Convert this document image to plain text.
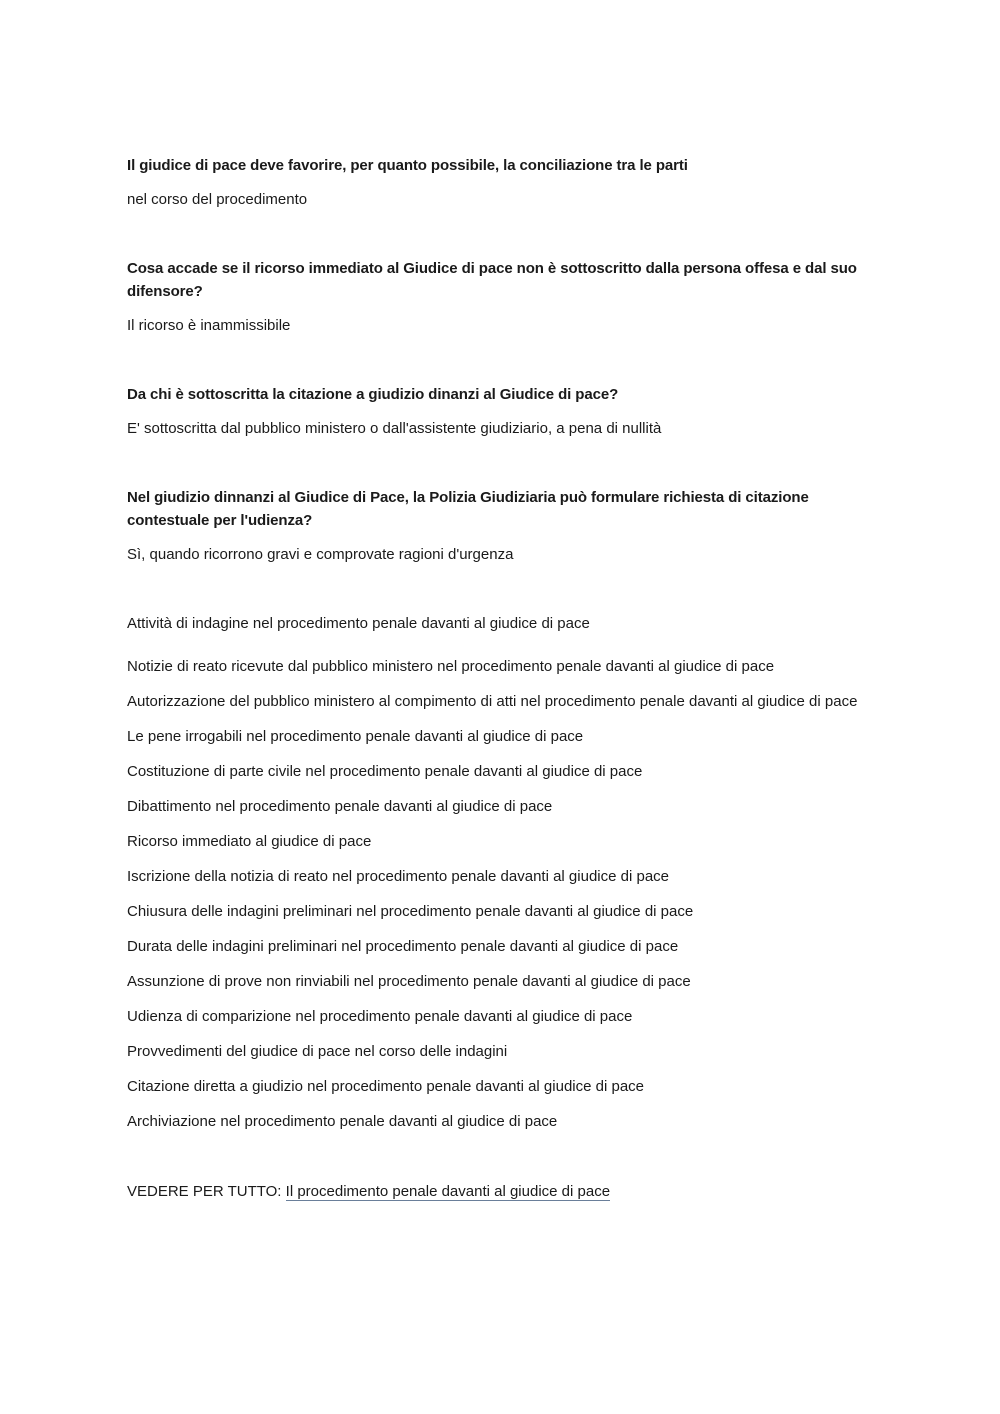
Il giudice di pace deve favorire, per quanto possibile, la conciliazione tra le parti

nel corso del procedimento

Cosa accade se il ricorso immediato al Giudice di pace non è sottoscritto dalla persona offesa e dal suo difensore?

Il ricorso è inammissibile

Da chi è sottoscritta la citazione a giudizio dinanzi al Giudice di pace?

E' sottoscritta dal pubblico ministero o dall'assistente giudiziario, a pena di nullità

Nel giudizio dinnanzi al Giudice di Pace, la Polizia Giudiziaria può formulare richiesta di citazione contestuale per l'udienza?

Sì, quando ricorrono gravi e comprovate ragioni d'urgenza

Attività di indagine nel procedimento penale davanti al giudice di pace
Notizie di reato ricevute dal pubblico ministero nel procedimento penale davanti al giudice di pace
Autorizzazione del pubblico ministero al compimento di atti nel procedimento penale davanti al giudice di pace
Le pene irrogabili nel procedimento penale davanti al giudice di pace
Costituzione di parte civile nel procedimento penale davanti al giudice di pace
Dibattimento nel procedimento penale davanti al giudice di pace
Ricorso immediato al giudice di pace
Iscrizione della notizia di reato nel procedimento penale davanti al giudice di pace
Chiusura delle indagini preliminari nel procedimento penale davanti al giudice di pace
Durata delle indagini preliminari nel procedimento penale davanti al giudice di pace
Assunzione di prove non rinviabili nel procedimento penale davanti al giudice di pace
Udienza di comparizione nel procedimento penale davanti al giudice di pace
Provvedimenti del giudice di pace nel corso delle indagini
Citazione diretta a giudizio nel procedimento penale davanti al giudice di pace
Archiviazione nel procedimento penale davanti al giudice di pace

VEDERE PER TUTTO: Il procedimento penale davanti al giudice di pace
